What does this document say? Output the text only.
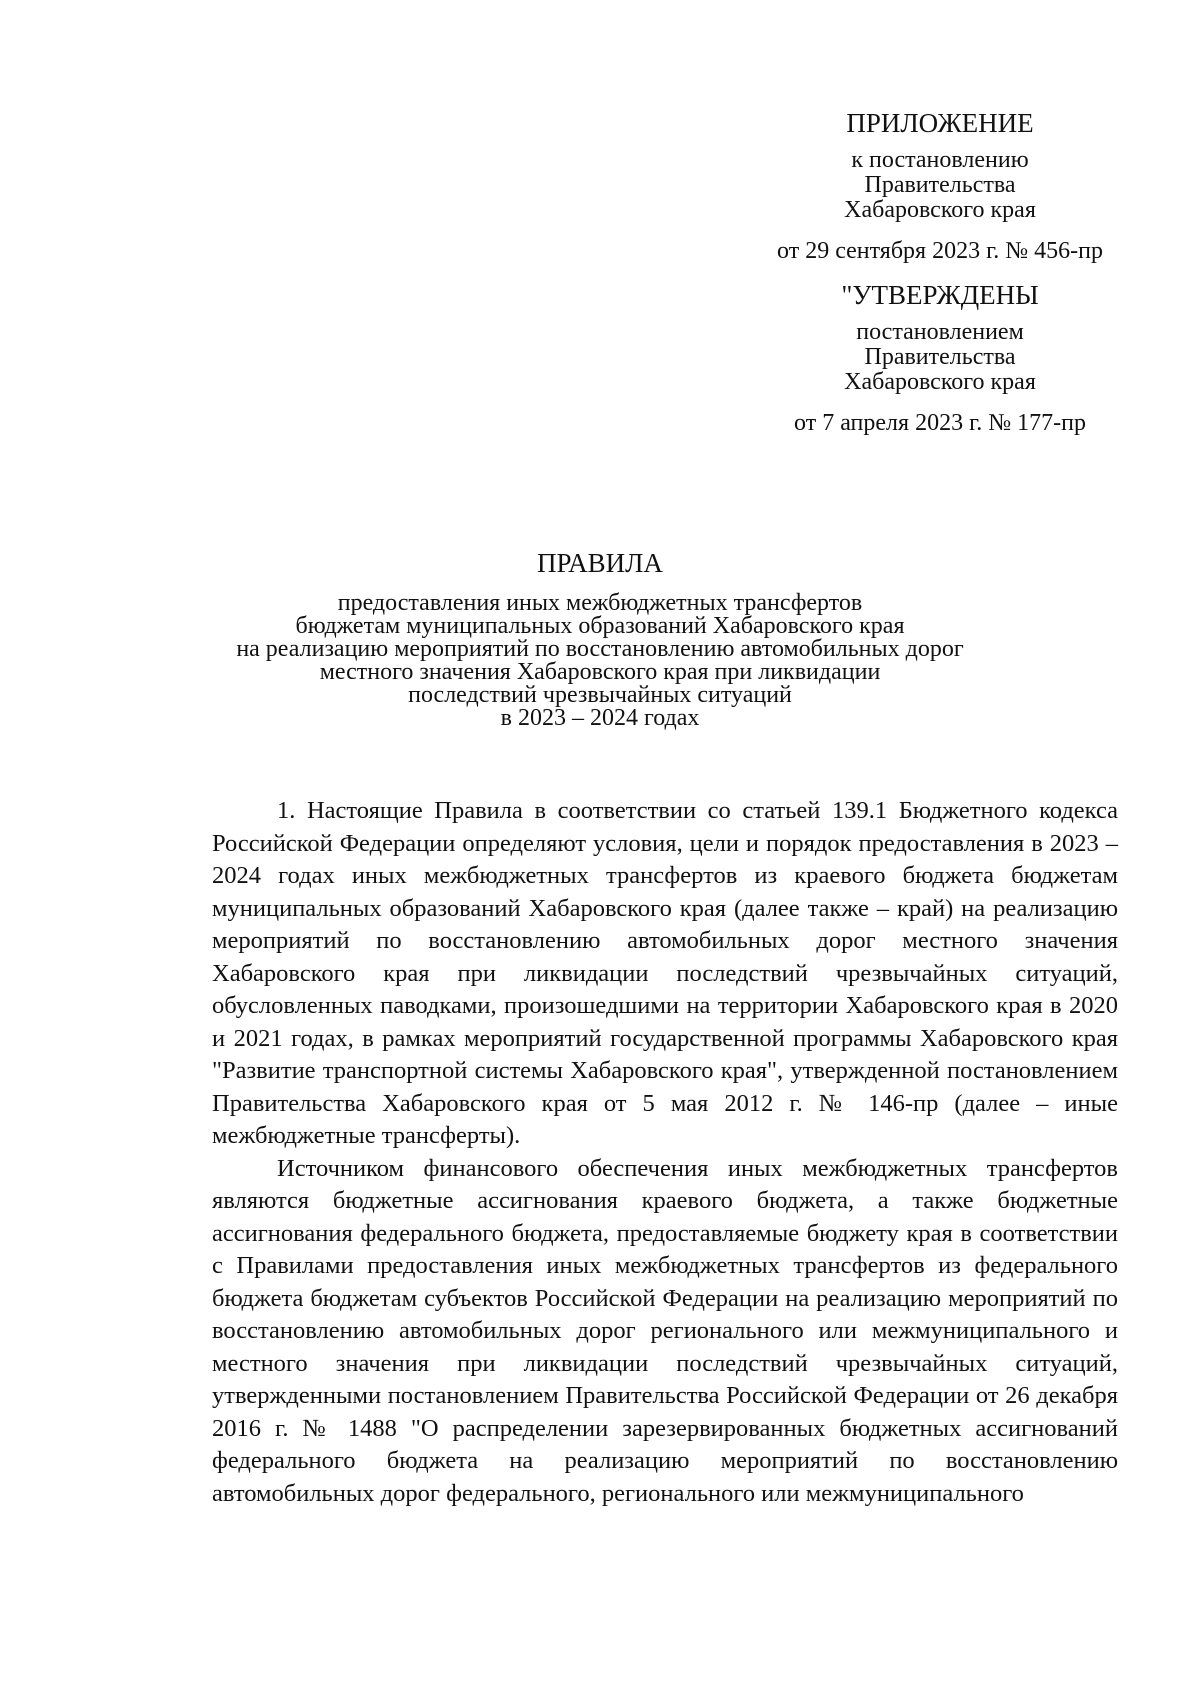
ПРИЛОЖЕНИЕ
к постановлению
Правительства
Хабаровского края
от 29 сентября 2023 г. № 456-пр
"УТВЕРЖДЕНЫ
постановлением
Правительства
Хабаровского края
от 7 апреля 2023 г. № 177-пр
ПРАВИЛА
предоставления иных межбюджетных трансфертов
бюджетам муниципальных образований Хабаровского края
на реализацию мероприятий по восстановлению автомобильных дорог
местного значения Хабаровского края при ликвидации
последствий чрезвычайных ситуаций
в 2023 – 2024 годах

1. Настоящие Правила в соответствии со статьей 139.1 Бюджетного кодекса Российской Федерации определяют условия, цели и порядок предоставления в 2023 – 2024 годах иных межбюджетных трансфертов из краевого бюджета бюджетам муниципальных образований Хабаровского края (далее также – край) на реализацию мероприятий по восстановлению автомобильных дорог местного значения Хабаровского края при ликвидации последствий чрезвычайных ситуаций, обусловленных паводками, произошедшими на территории Хабаровского края в 2020 и 2021 годах, в рамках мероприятий государственной программы Хабаровского края "Развитие транспортной системы Хабаровского края", утвержденной постановлением Правительства Хабаровского края от 5 мая 2012 г. № 146-пр (далее – иные межбюджетные трансферты).

Источником финансового обеспечения иных межбюджетных трансфертов являются бюджетные ассигнования краевого бюджета, а также бюджетные ассигнования федерального бюджета, предоставляемые бюджету края в соответствии с Правилами предоставления иных межбюджетных трансфертов из федерального бюджета бюджетам субъектов Российской Федерации на реализацию мероприятий по восстановлению автомобильных дорог регионального или межмуниципального и местного значения при ликвидации последствий чрезвычайных ситуаций, утвержденными постановлением Правительства Российской Федерации от 26 декабря 2016 г. № 1488 "О распределении зарезервированных бюджетных ассигнований федерального бюджета на реализацию мероприятий по восстановлению автомобильных дорог федерального, регионального или межмуниципального
